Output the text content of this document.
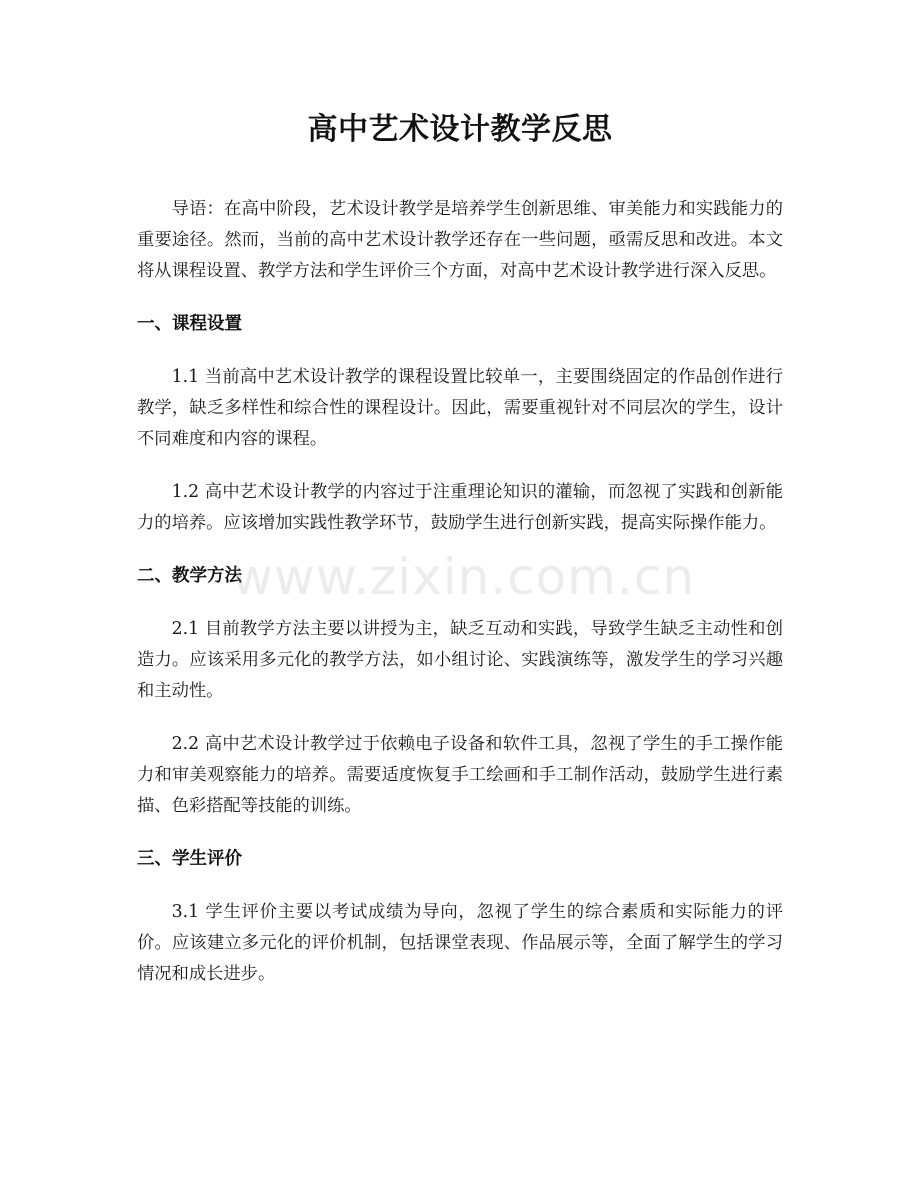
高中艺术设计教学反思

导语：在高中阶段，艺术设计教学是培养学生创新思维、审美能力和实践能力的重要途径。然而，当前的高中艺术设计教学还存在一些问题，亟需反思和改进。本文将从课程设置、教学方法和学生评价三个方面，对高中艺术设计教学进行深入反思。

一、课程设置

1.1 当前高中艺术设计教学的课程设置比较单一，主要围绕固定的作品创作进行教学，缺乏多样性和综合性的课程设计。因此，需要重视针对不同层次的学生，设计不同难度和内容的课程。

1.2 高中艺术设计教学的内容过于注重理论知识的灌输，而忽视了实践和创新能力的培养。应该增加实践性教学环节，鼓励学生进行创新实践，提高实际操作能力。

二、教学方法

2.1 目前教学方法主要以讲授为主，缺乏互动和实践，导致学生缺乏主动性和创造力。应该采用多元化的教学方法，如小组讨论、实践演练等，激发学生的学习兴趣和主动性。

2.2 高中艺术设计教学过于依赖电子设备和软件工具，忽视了学生的手工操作能力和审美观察能力的培养。需要适度恢复手工绘画和手工制作活动，鼓励学生进行素描、色彩搭配等技能的训练。

三、学生评价

3.1 学生评价主要以考试成绩为导向，忽视了学生的综合素质和实际能力的评价。应该建立多元化的评价机制，包括课堂表现、作品展示等，全面了解学生的学习情况和成长进步。

www.zixin.com.cn
